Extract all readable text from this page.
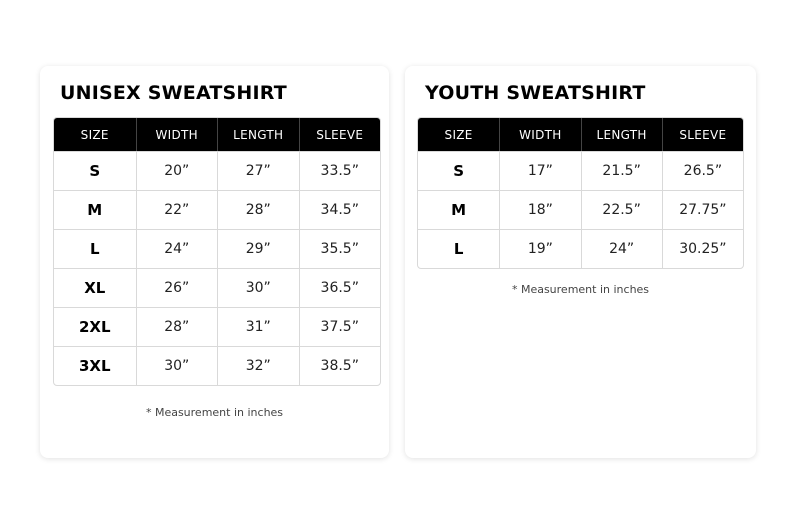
UNISEX SWEATSHIRT
SIZE	WIDTH	LENGTH	SLEEVE
S	20”	27”	33.5”
M	22”	28”	34.5”
L	24”	29”	35.5”
XL	26”	30”	36.5”
2XL	28”	31”	37.5”
3XL	30”	32”	38.5”
* Measurement in inches
YOUTH SWEATSHIRT
SIZE	WIDTH	LENGTH	SLEEVE
S	17”	21.5”	26.5”
M	18”	22.5”	27.75”
L	19”	24”	30.25”
* Measurement in inches
